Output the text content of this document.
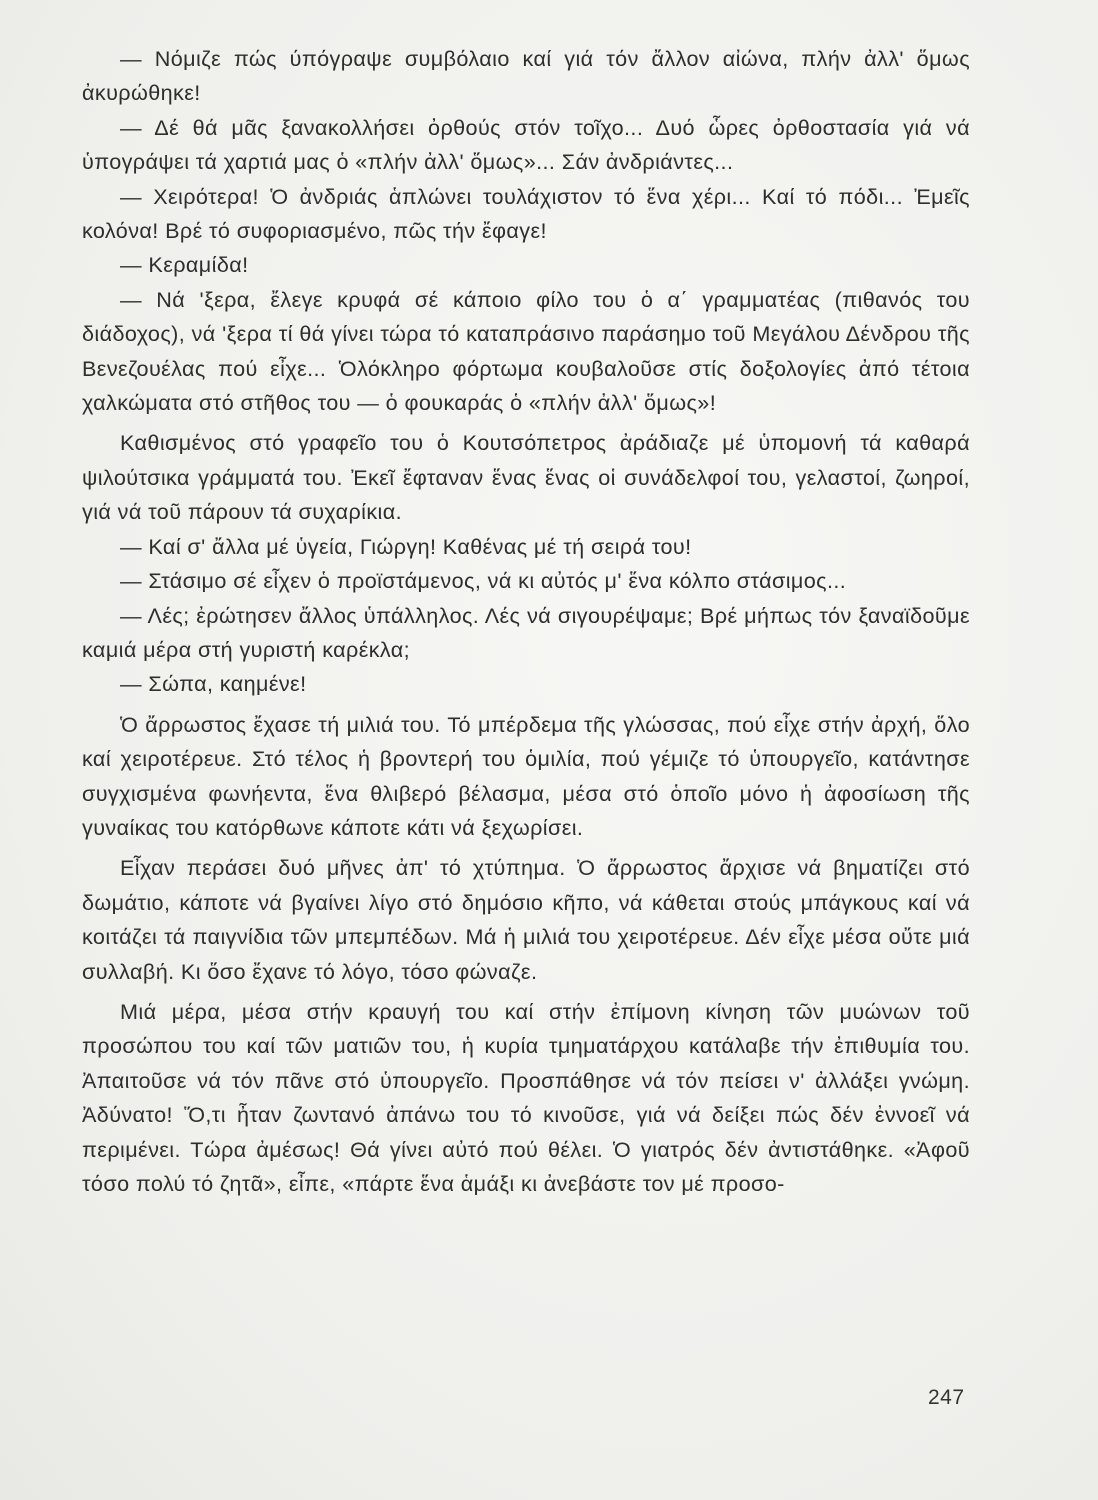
— Νόμιζε πώς ύπόγραψε συμβόλαιο καί γιά τόν ἄλλον αἰώνα, πλήν ἀλλ' ὅμως ἀκυρώθηκε!

— Δέ θά μᾶς ξανακολλήσει ὀρθούς στόν τοῖχο... Δυό ὧρες ὀρθοστασία γιά νά ὑπογράψει τά χαρτιά μας ὁ «πλήν ἀλλ' ὅμως»... Σάν ἀνδριάντες...

— Χειρότερα! Ὁ ἀνδριάς ἁπλώνει τουλάχιστον τό ἕνα χέρι... Καί τό πόδι... Ἐμεῖς κολόνα! Βρέ τό συφοριασμένο, πῶς τήν ἔφαγε!

— Κεραμίδα!

— Νά 'ξερα, ἔλεγε κρυφά σέ κάποιο φίλο του ὁ α΄ γραμματέας (πιθανός του διάδοχος), νά 'ξερα τί θά γίνει τώρα τό καταπράσινο παράσημο τοῦ Μεγάλου Δένδρου τῆς Βενεζουέλας πού εἶχε... Ὁλόκληρο φόρτωμα κουβαλοῦσε στίς δοξολογίες ἀπό τέτοια χαλκώματα στό στῆθος του — ὁ φουκαράς ὁ «πλήν ἀλλ' ὅμως»!

Καθισμένος στό γραφεῖο του ὁ Κουτσόπετρος ἀράδιαζε μέ ὑπομονή τά καθαρά ψιλούτσικα γράμματά του. Ἐκεῖ ἔφταναν ἕνας ἕνας οἱ συνάδελφοί του, γελαστοί, ζωηροί, γιά νά τοῦ πάρουν τά συχαρίκια.

— Καί σ' ἄλλα μέ ὑγεία, Γιώργη! Καθένας μέ τή σειρά του!

— Στάσιμο σέ εἶχεν ὁ προϊστάμενος, νά κι αὐτός μ' ἕνα κόλπο στάσιμος...

— Λές; ἐρώτησεν ἄλλος ὑπάλληλος. Λές νά σιγουρέψαμε; Βρέ μήπως τόν ξαναϊδοῦμε καμιά μέρα στή γυριστή καρέκλα;

— Σώπα, καημένε!

Ὁ ἄρρωστος ἔχασε τή μιλιά του. Τό μπέρδεμα τῆς γλώσσας, πού εἶχε στήν ἀρχή, ὅλο καί χειροτέρευε. Στό τέλος ἡ βροντερή του ὁμιλία, πού γέμιζε τό ὑπουργεῖο, κατάντησε συγχισμένα φωνήεντα, ἕνα θλιβερό βέλασμα, μέσα στό ὁποῖο μόνο ἡ ἀφοσίωση τῆς γυναίκας του κατόρθωνε κάποτε κάτι νά ξεχωρίσει.

Εἶχαν περάσει δυό μῆνες ἀπ' τό χτύπημα. Ὁ ἄρρωστος ἄρχισε νά βηματίζει στό δωμάτιο, κάποτε νά βγαίνει λίγο στό δημόσιο κῆπο, νά κάθεται στούς μπάγκους καί νά κοιτάζει τά παιγνίδια τῶν μπεμπέδων. Μά ἡ μιλιά του χειροτέρευε. Δέν εἶχε μέσα οὔτε μιά συλλαβή. Κι ὅσο ἔχανε τό λόγο, τόσο φώναζε.

Μιά μέρα, μέσα στήν κραυγή του καί στήν ἐπίμονη κίνηση τῶν μυώνων τοῦ προσώπου του καί τῶν ματιῶν του, ἡ κυρία τμηματάρχου κατάλαβε τήν ἐπιθυμία του. Ἀπαιτοῦσε νά τόν πᾶνε στό ὑπουργεῖο. Προσπάθησε νά τόν πείσει ν' ἀλλάξει γνώμη. Ἀδύνατο! Ὅ,τι ἦταν ζωντανό ἀπάνω του τό κινοῦσε, γιά νά δείξει πώς δέν ἐννοεῖ νά περιμένει. Τώρα ἀμέσως! Θά γίνει αὐτό πού θέλει. Ὁ γιατρός δέν ἀντιστάθηκε. «Ἀφοῦ τόσο πολύ τό ζητᾶ», εἶπε, «πάρτε ἕνα ἁμάξι κι ἀνεβάστε τον μέ προσο-

247
